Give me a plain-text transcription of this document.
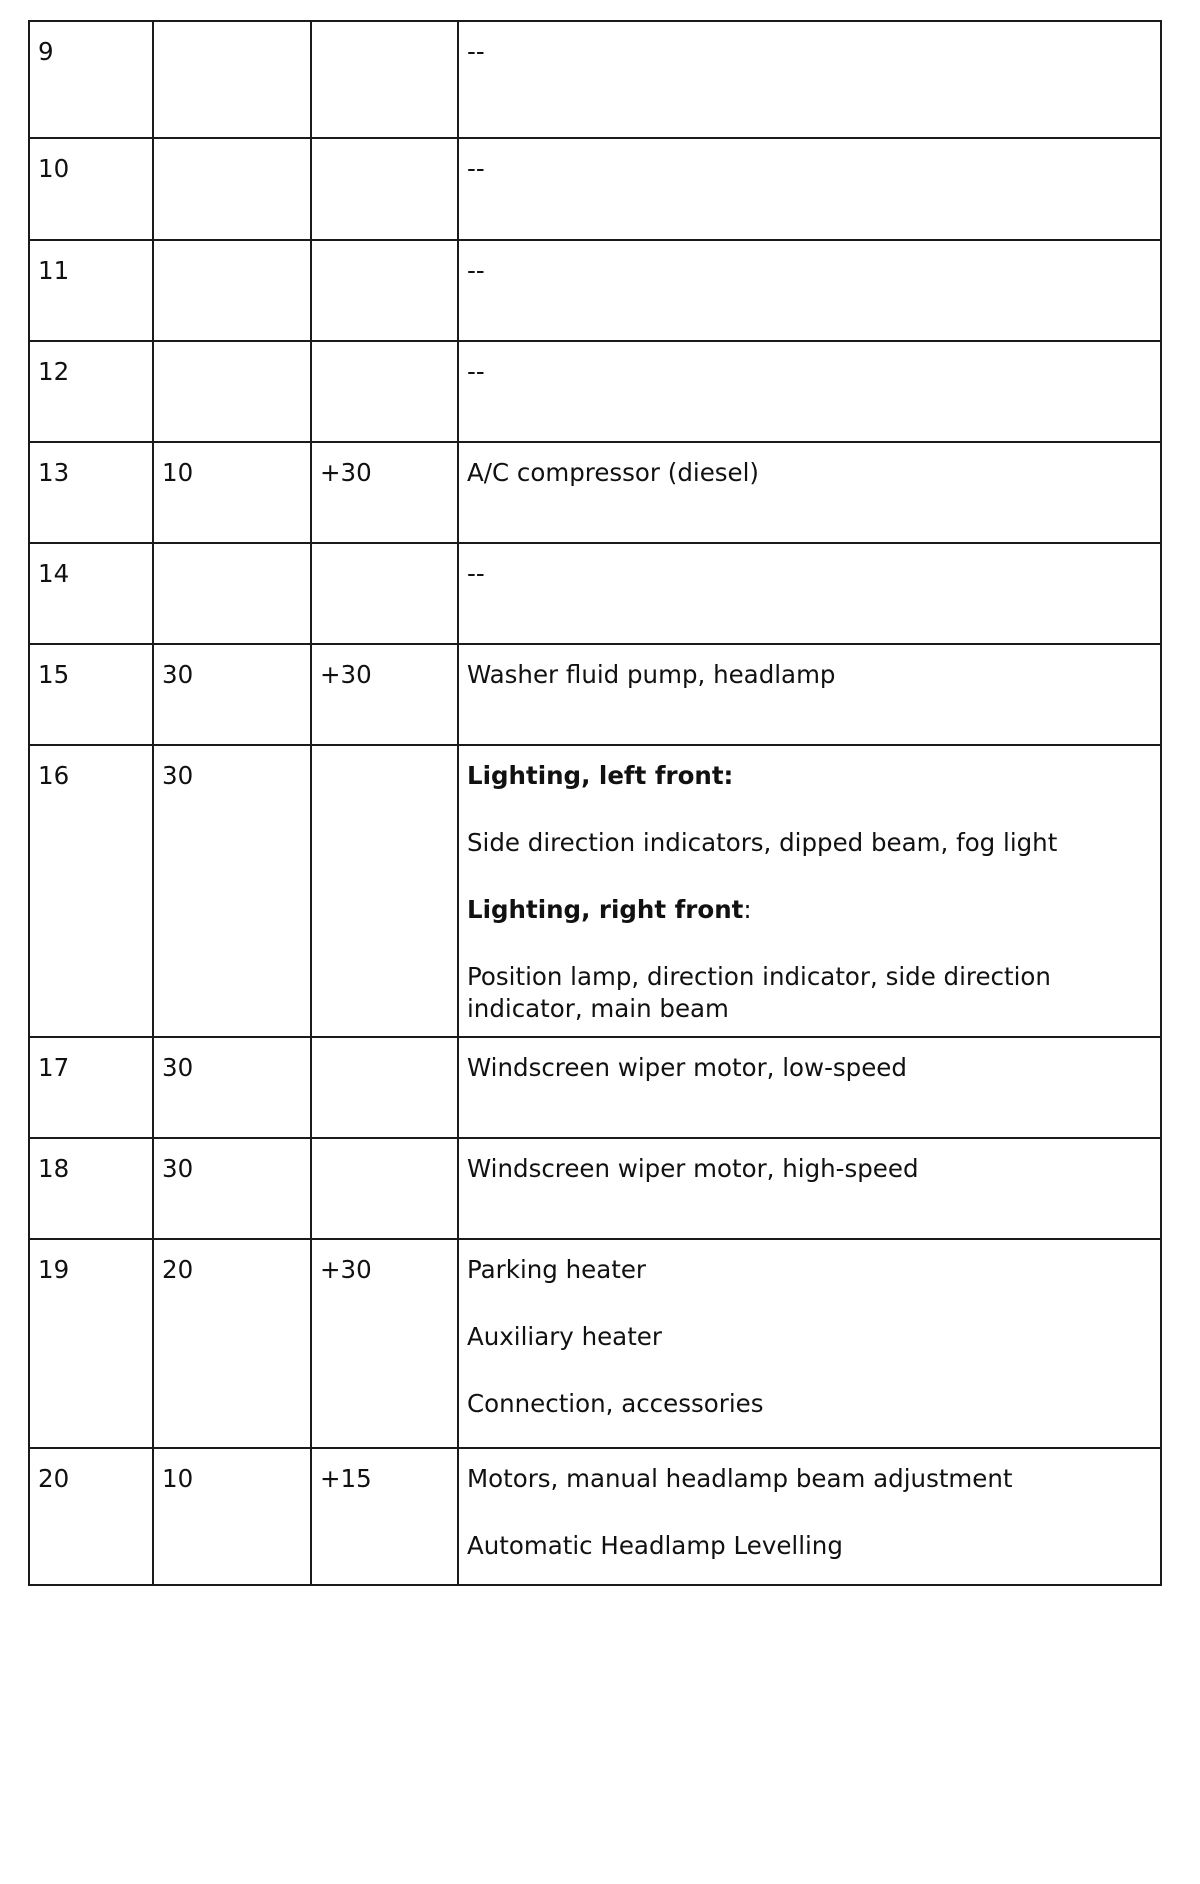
9			--

10			--

11			--

12			--

13	10	+30	A/C compressor (diesel)

14			--

15	30	+30	Washer fluid pump, headlamp

16	30		Lighting, left front:
Side direction indicators, dipped beam, fog light
Lighting, right front:
Position lamp, direction indicator, side direction indicator, main beam

17	30		Windscreen wiper motor, low-speed

18	30		Windscreen wiper motor, high-speed

19	20	+30	Parking heater
Auxiliary heater
Connection, accessories

20	10	+15	Motors, manual headlamp beam adjustment
Automatic Headlamp Levelling
